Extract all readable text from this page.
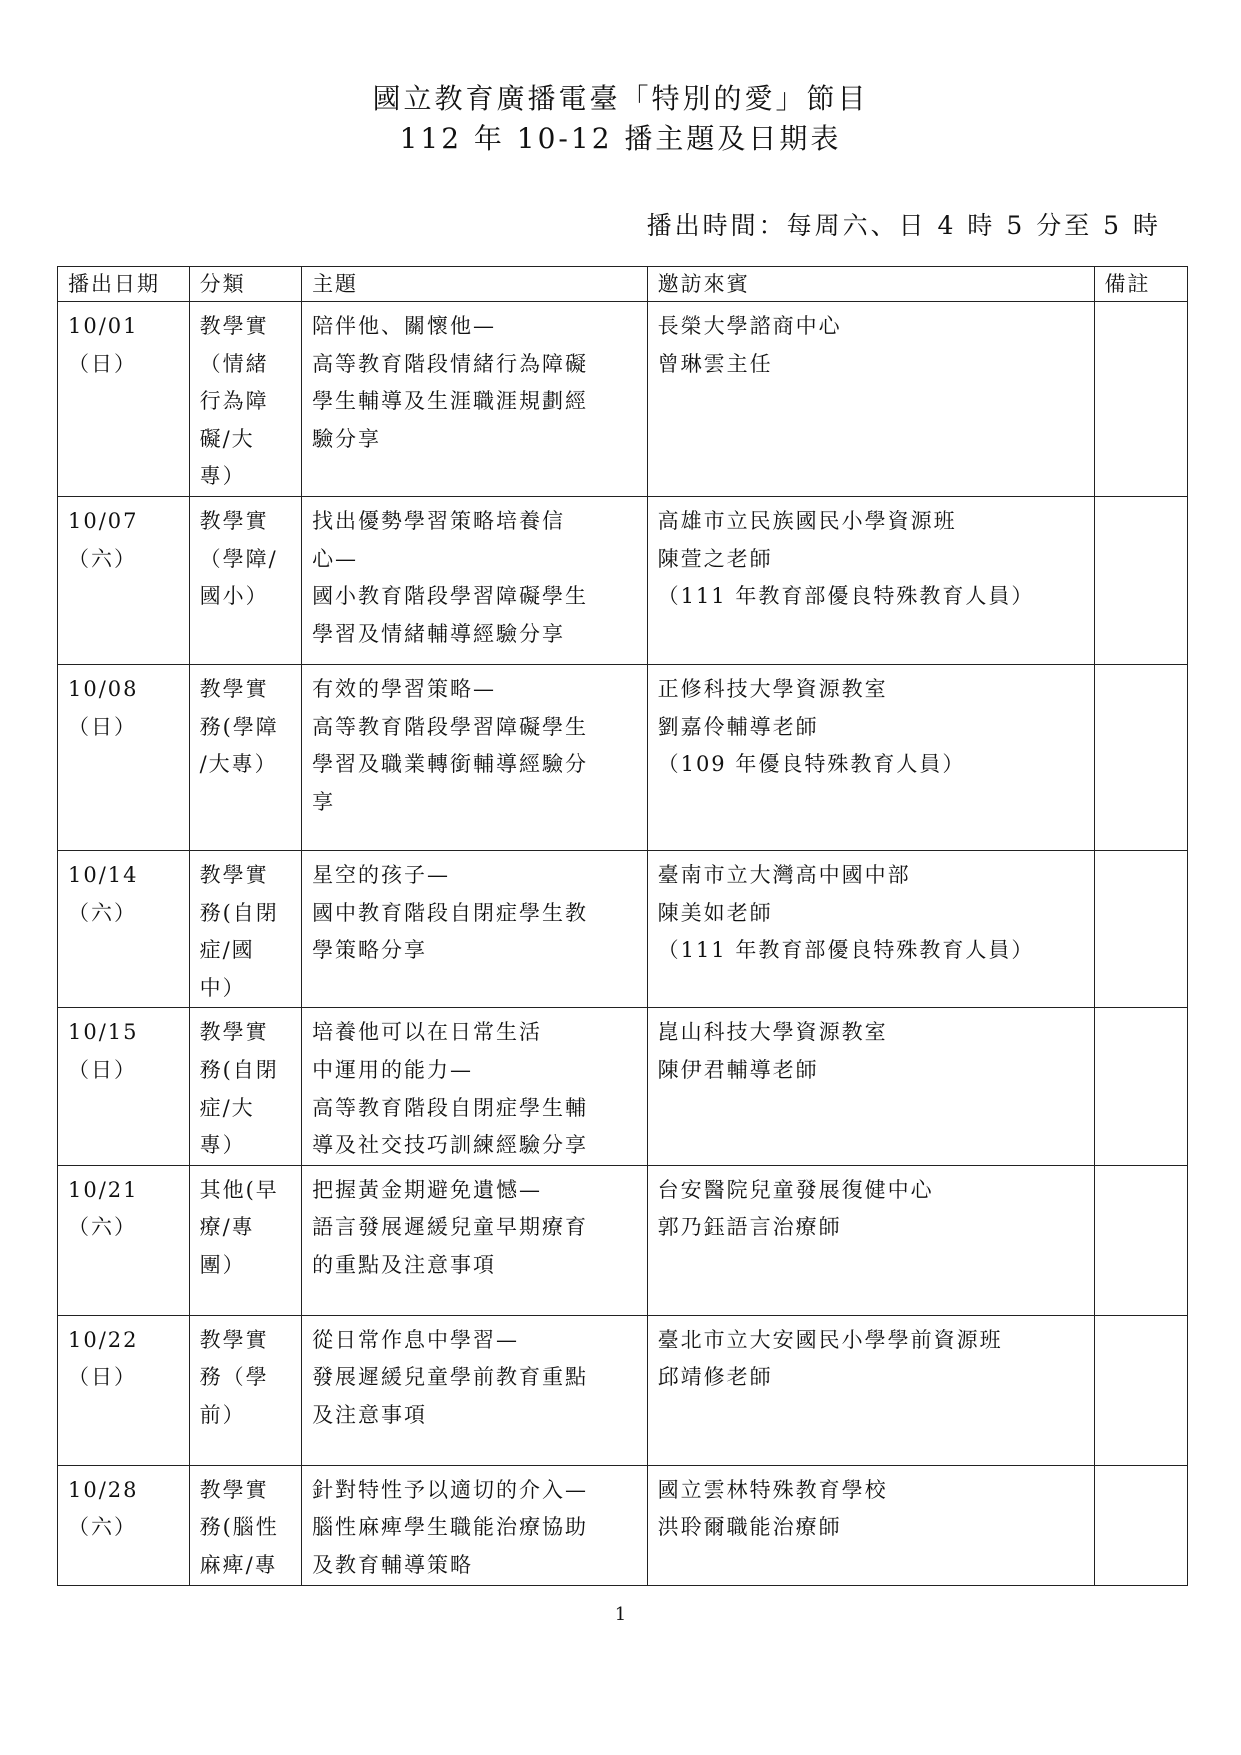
國立教育廣播電臺「特別的愛」節目
112 年 10-12 播主題及日期表
播出時間：每周六、日 4 時 5 分至 5 時
播出日期	分類	主題	邀訪來賓	備註

10/01
（日）	教學實
（情緒
行為障
礙/大
專）	陪伴他、關懷他—
高等教育階段情緒行為障礙
學生輔導及生涯職涯規劃經
驗分享	長榮大學諮商中心
曾琳雲主任	

10/07
（六）	教學實
（學障/
國小）	找出優勢學習策略培養信
心—
國小教育階段學習障礙學生
學習及情緒輔導經驗分享	高雄市立民族國民小學資源班
陳萱之老師
（111 年教育部優良特殊教育人員）	

10/08
（日）	教學實
務(學障
/大專）	有效的學習策略—
高等教育階段學習障礙學生
學習及職業轉銜輔導經驗分
享	正修科技大學資源教室
劉嘉伶輔導老師
（109 年優良特殊教育人員）	

10/14
（六）	教學實
務(自閉
症/國
中）	星空的孩子—
國中教育階段自閉症學生教
學策略分享	臺南市立大灣高中國中部
陳美如老師
（111 年教育部優良特殊教育人員）	

10/15
（日）	教學實
務(自閉
症/大
專）	培養他可以在日常生活
中運用的能力—
高等教育階段自閉症學生輔
導及社交技巧訓練經驗分享	崑山科技大學資源教室
陳伊君輔導老師	

10/21
（六）	其他(早
療/專
團）	把握黃金期避免遺憾—
語言發展遲緩兒童早期療育
的重點及注意事項	台安醫院兒童發展復健中心
郭乃鈺語言治療師	

10/22
（日）	教學實
務（學
前）	從日常作息中學習—
發展遲緩兒童學前教育重點
及注意事項	臺北市立大安國民小學學前資源班
邱靖修老師	

10/28
（六）	教學實
務(腦性
麻痺/專	針對特性予以適切的介入—
腦性麻痺學生職能治療協助
及教育輔導策略	國立雲林特殊教育學校
洪聆爾職能治療師	
1
